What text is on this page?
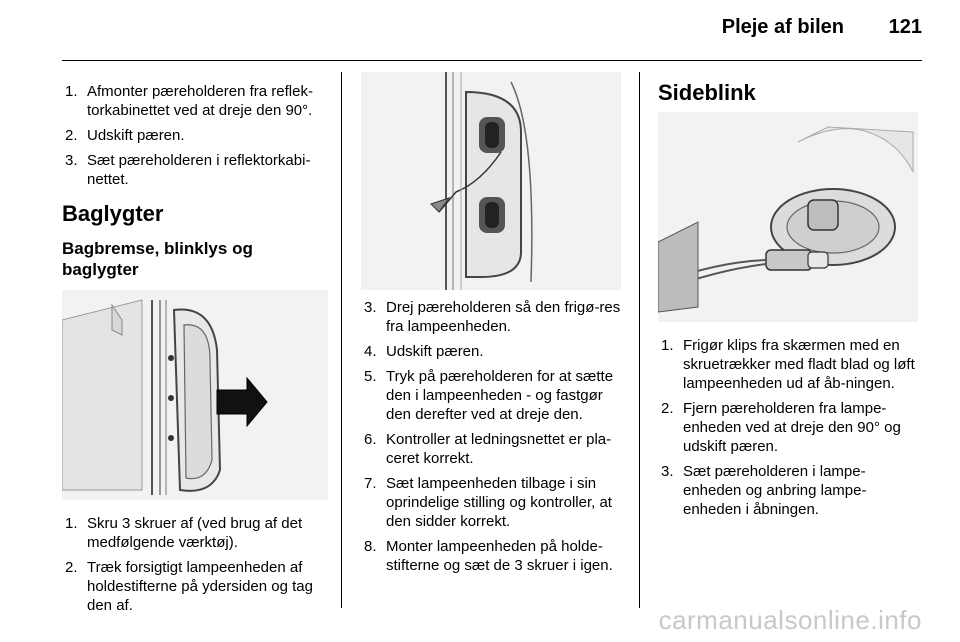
Pleje af bilen 121
1. Afmonter pæreholderen fra reflek-torkabinettet ved at dreje den 90°.
2. Udskift pæren.
3. Sæt pæreholderen i reflektorkabi-nettet.
Baglygter
Bagbremse, blinklys og baglygter
1. Skru 3 skruer af (ved brug af det medfølgende værktøj).
2. Træk forsigtigt lampeenheden af holdestifterne på ydersiden og tag den af.
3. Drej pæreholderen så den frigø-res fra lampeenheden.
4. Udskift pæren.
5. Tryk på pæreholderen for at sætte den i lampeenheden - og fastgør den derefter ved at dreje den.
6. Kontroller at ledningsnettet er pla-ceret korrekt.
7. Sæt lampeenheden tilbage i sin oprindelige stilling og kontroller, at den sidder korrekt.
8. Monter lampeenheden på holde-stifterne og sæt de 3 skruer i igen.
Sideblink
1. Frigør klips fra skærmen med en skruetrækker med fladt blad og løft lampeenheden ud af åb-ningen.
2. Fjern pæreholderen fra lampe-enheden ved at dreje den 90° og udskift pæren.
3. Sæt pæreholderen i lampe-enheden og anbring lampe-enheden i åbningen.
carmanualsonline.info
